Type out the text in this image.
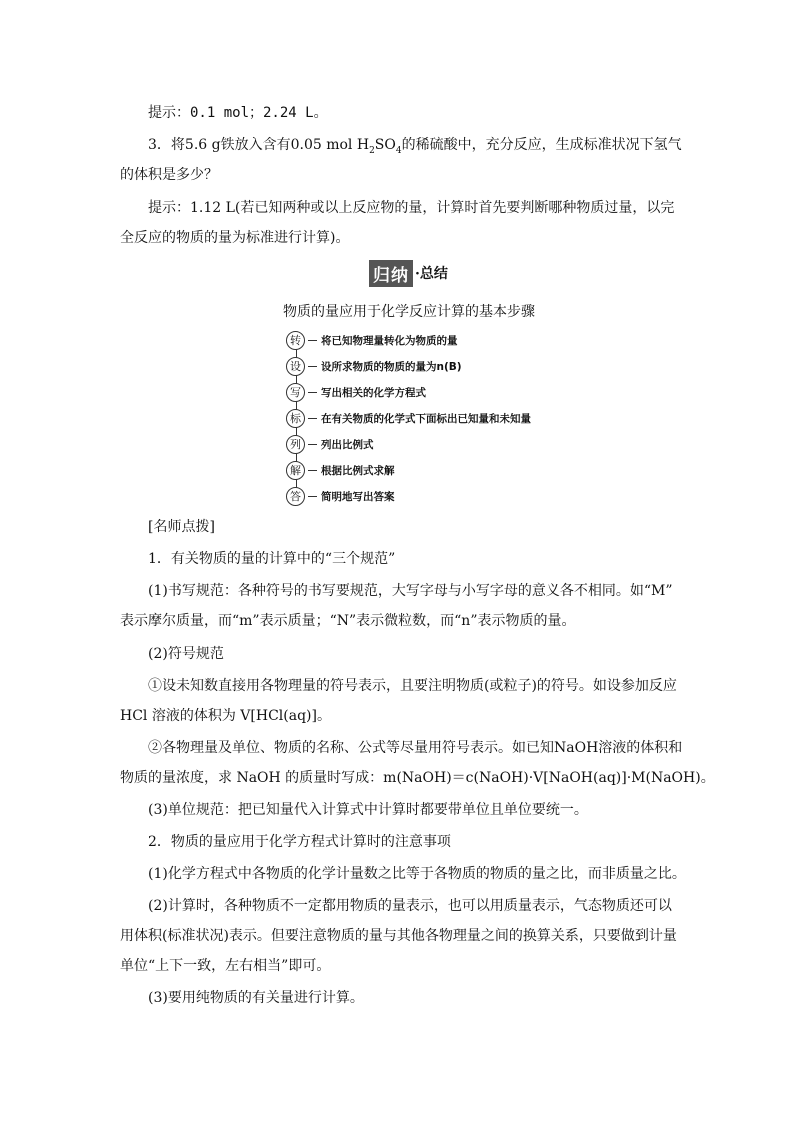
提示：0.1 mol；2.24 L。
3．将5.6 g铁放入含有0.05 mol $H_2SO_4$的稀硫酸中，充分反应，生成标准状况下氢气
的体积是多少？
提示：1.12 L(若已知两种或以上反应物的量，计算时首先要判断哪种物质过量，以完
全反应的物质的量为标准进行计算)。
归纳 ·总结
物质的量应用于化学反应计算的基本步骤
转	将已知物理量转化为物质的量
设	设所求物质的物质的量为n(B)
写	写出相关的化学方程式
标	在有关物质的化学式下面标出已知量和未知量
列	列出比例式
解	根据比例式求解
答	简明地写出答案
[名师点拨]
1．有关物质的量的计算中的“三个规范”
(1)书写规范：各种符号的书写要规范，大写字母与小写字母的意义各不相同。如“M”
表示摩尔质量，而“m”表示质量；“N”表示微粒数，而“n”表示物质的量。
(2)符号规范
①设未知数直接用各物理量的符号表示，且要注明物质(或粒子)的符号。如设参加反应
HCl 溶液的体积为 V[HCl(aq)]。
②各物理量及单位、物质的名称、公式等尽量用符号表示。如已知NaOH溶液的体积和
物质的量浓度，求 NaOH 的质量时写成：m(NaOH)＝c(NaOH)·V[NaOH(aq)]·M(NaOH)。
(3)单位规范：把已知量代入计算式中计算时都要带单位且单位要统一。
2．物质的量应用于化学方程式计算时的注意事项
(1)化学方程式中各物质的化学计量数之比等于各物质的物质的量之比，而非质量之比。
(2)计算时，各种物质不一定都用物质的量表示，也可以用质量表示，气态物质还可以
用体积(标准状况)表示。但要注意物质的量与其他各物理量之间的换算关系，只要做到计量
单位“上下一致，左右相当”即可。
(3)要用纯物质的有关量进行计算。
